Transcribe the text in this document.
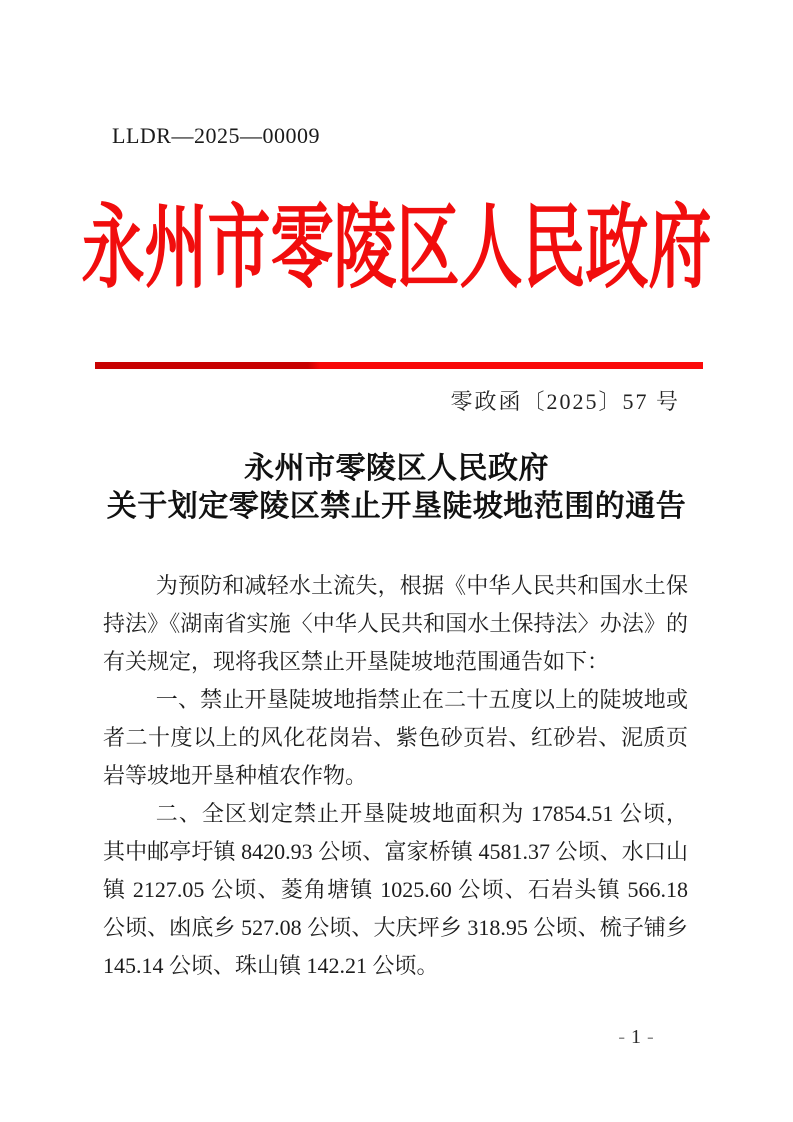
LLDR—2025—00009
永州市零陵区人民政府
零政函〔2025〕57 号
永州市零陵区人民政府
关于划定零陵区禁止开垦陡坡地范围的通告

为预防和减轻水土流失，根据《中华人民共和国水土保持法》《湖南省实施〈中华人民共和国水土保持法〉办法》的有关规定，现将我区禁止开垦陡坡地范围通告如下：

一、禁止开垦陡坡地指禁止在二十五度以上的陡坡地或者二十度以上的风化花岗岩、紫色砂页岩、红砂岩、泥质页岩等坡地开垦种植农作物。

二、全区划定禁止开垦陡坡地面积为 17854.51 公顷，其中邮亭圩镇 8420.93 公顷、富家桥镇 4581.37 公顷、水口山镇 2127.05 公顷、菱角塘镇 1025.60 公顷、石岩头镇 566.18 公顷、凼底乡 527.08 公顷、大庆坪乡 318.95 公顷、梳子铺乡 145.14 公顷、珠山镇 142.21 公顷。

- 1 -
